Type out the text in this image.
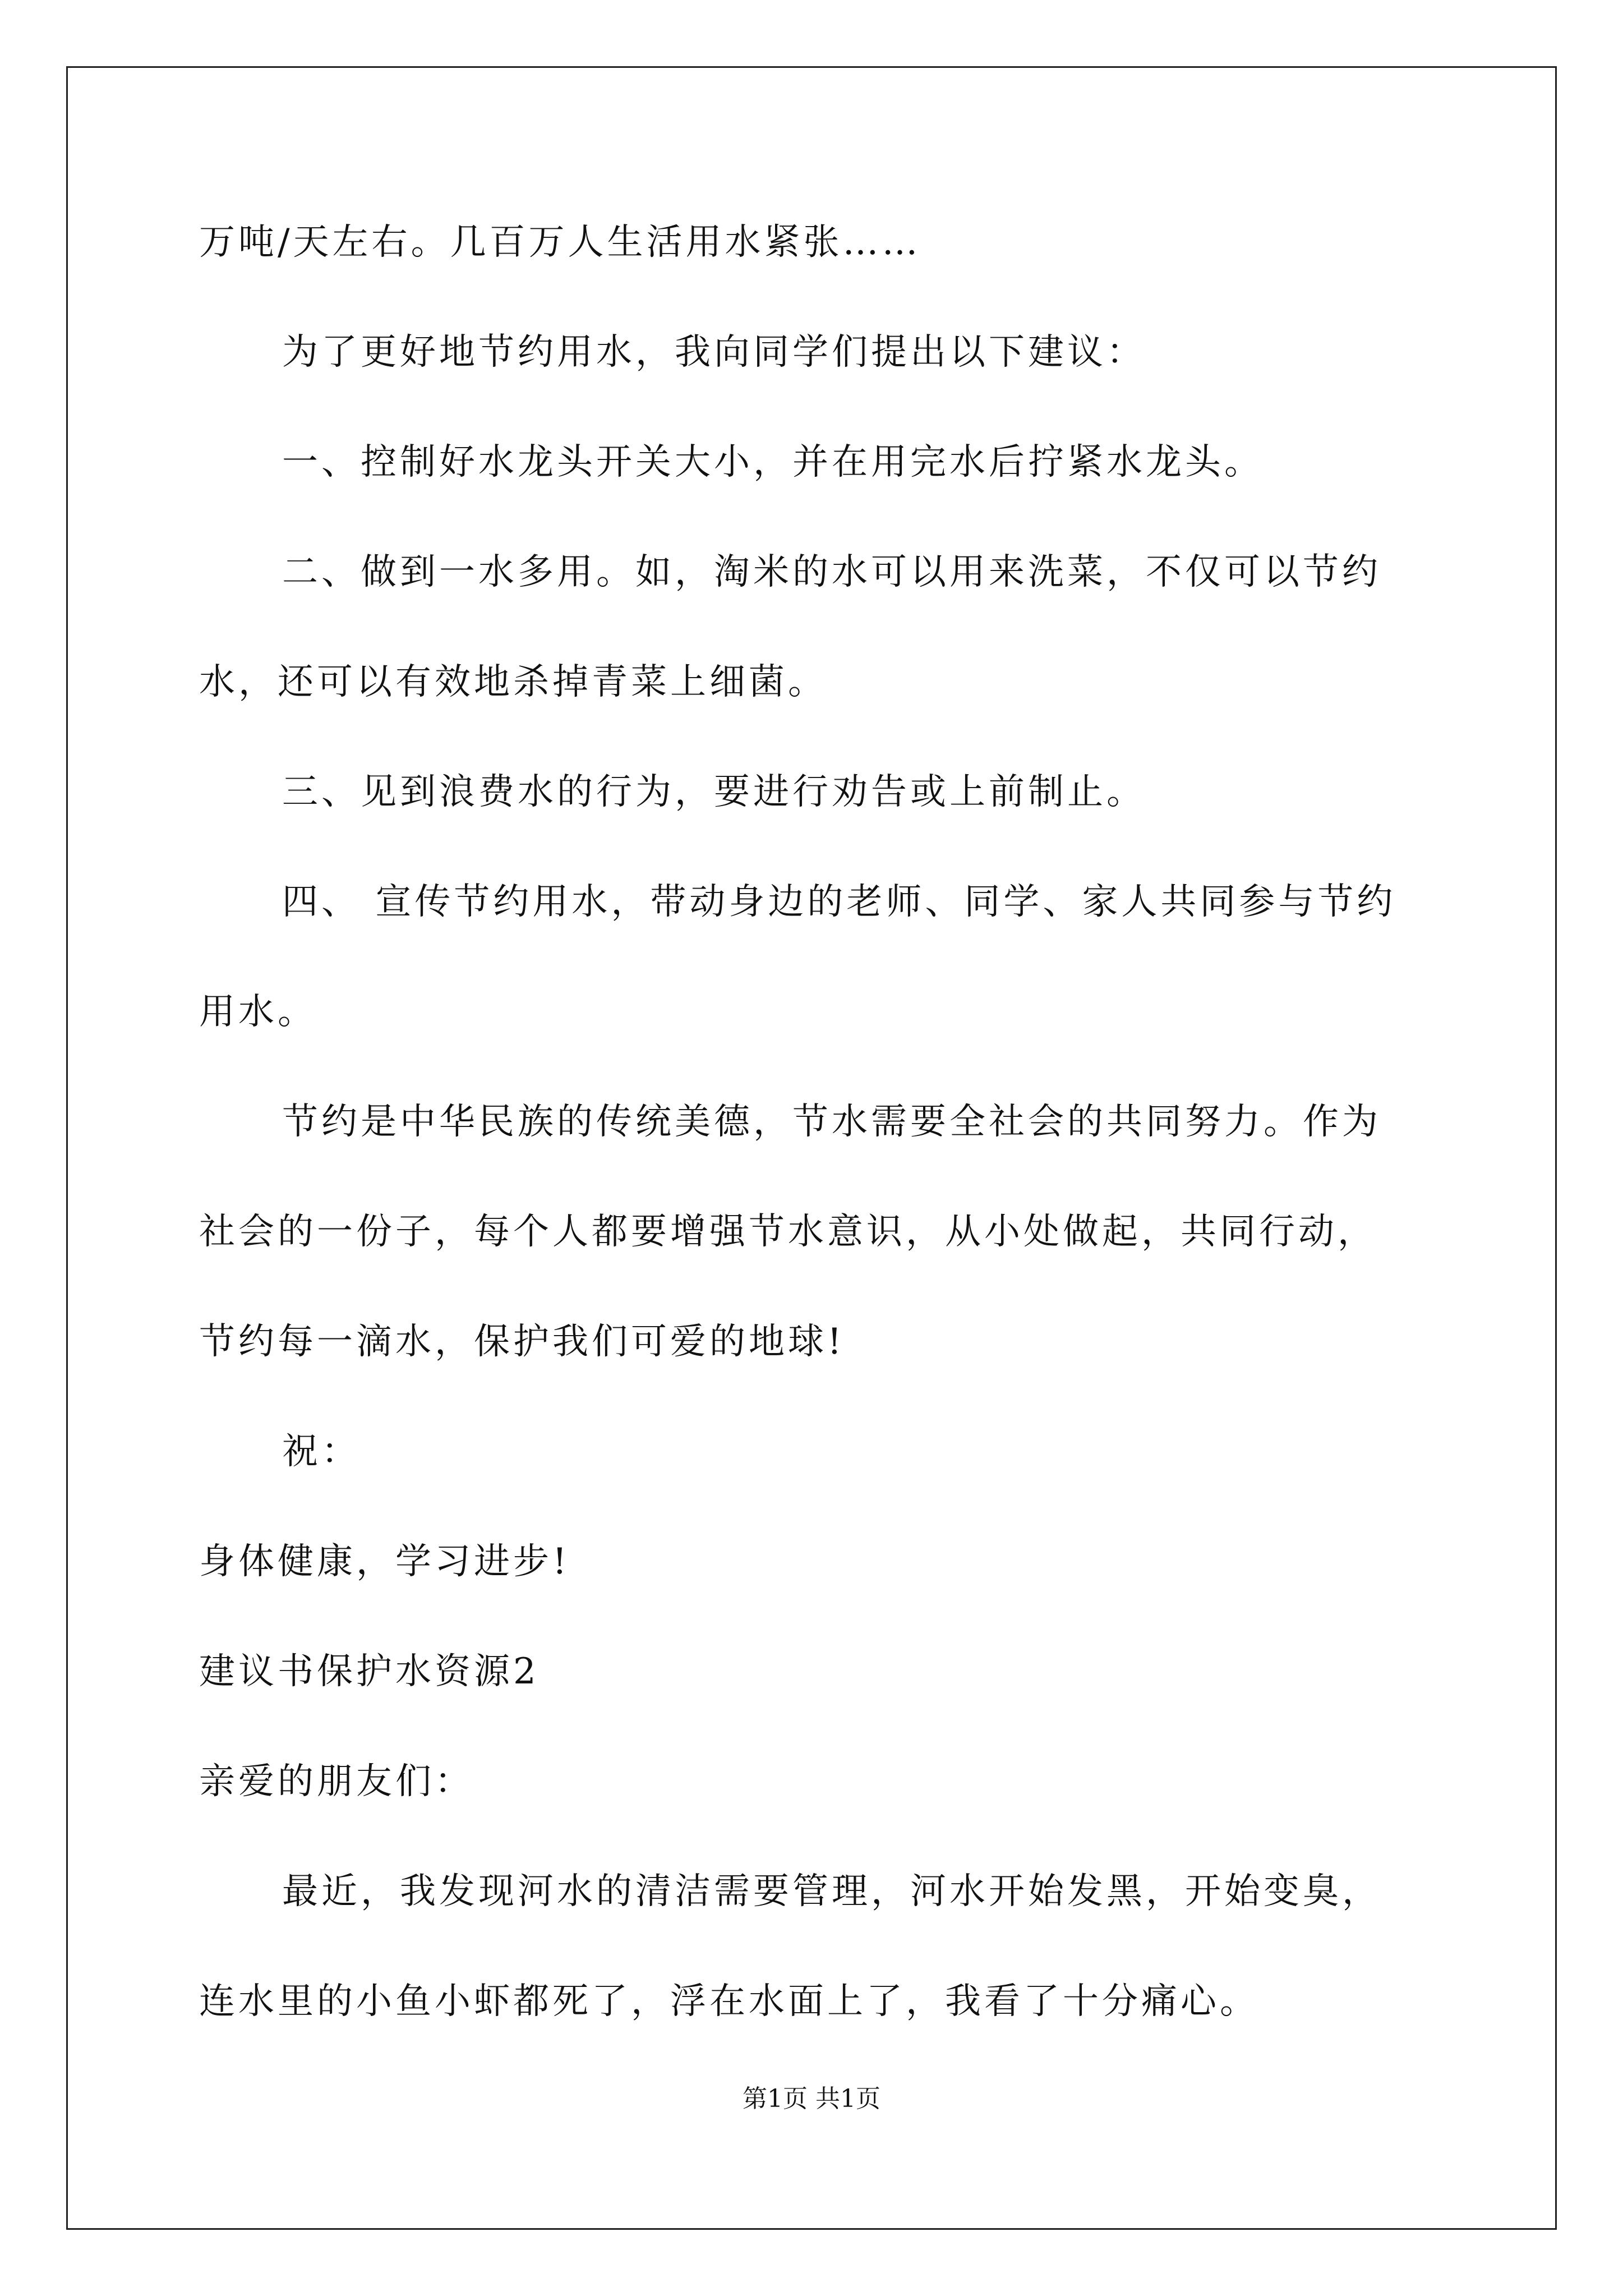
万吨/天左右。几百万人生活用水紧张……
为了更好地节约用水，我向同学们提出以下建议：
一、控制好水龙头开关大小，并在用完水后拧紧水龙头。
二、做到一水多用。如，淘米的水可以用来洗菜，不仅可以节约
水，还可以有效地杀掉青菜上细菌。
三、见到浪费水的行为，要进行劝告或上前制止。
四、 宣传节约用水，带动身边的老师、同学、家人共同参与节约
用水。
节约是中华民族的传统美德，节水需要全社会的共同努力。作为
社会的一份子，每个人都要增强节水意识，从小处做起，共同行动，
节约每一滴水，保护我们可爱的地球!
祝：
身体健康，学习进步!
建议书保护水资源2
亲爱的朋友们：
最近，我发现河水的清洁需要管理，河水开始发黑，开始变臭，
连水里的小鱼小虾都死了，浮在水面上了，我看了十分痛心。
第1页 共1页
